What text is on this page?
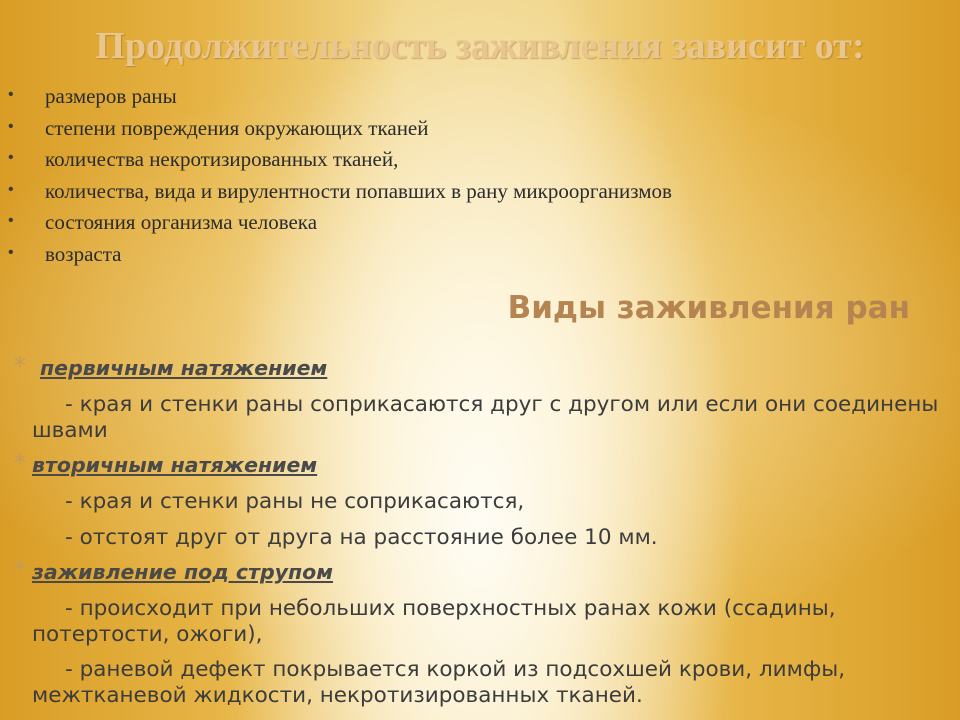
Продолжительность заживления зависит от:
• размеров раны
• степени повреждения окружающих тканей
• количества некротизированных тканей,
• количества, вида и вирулентности попавших в рану микроорганизмов
• состояния организма человека
• возраста
Виды заживления ран
* первичным натяжением
- края и стенки раны соприкасаются друг с другом или если они соединены швами
* вторичным натяжением
- края и стенки раны не соприкасаются,
- отстоят друг от друга на расстояние более 10 мм.
* заживление под струпом
- происходит при небольших поверхностных ранах кожи (ссадины, потертости, ожоги),
- раневой дефект покрывается коркой из подсохшей крови, лимфы, межтканевой жидкости, некротизированных тканей.
